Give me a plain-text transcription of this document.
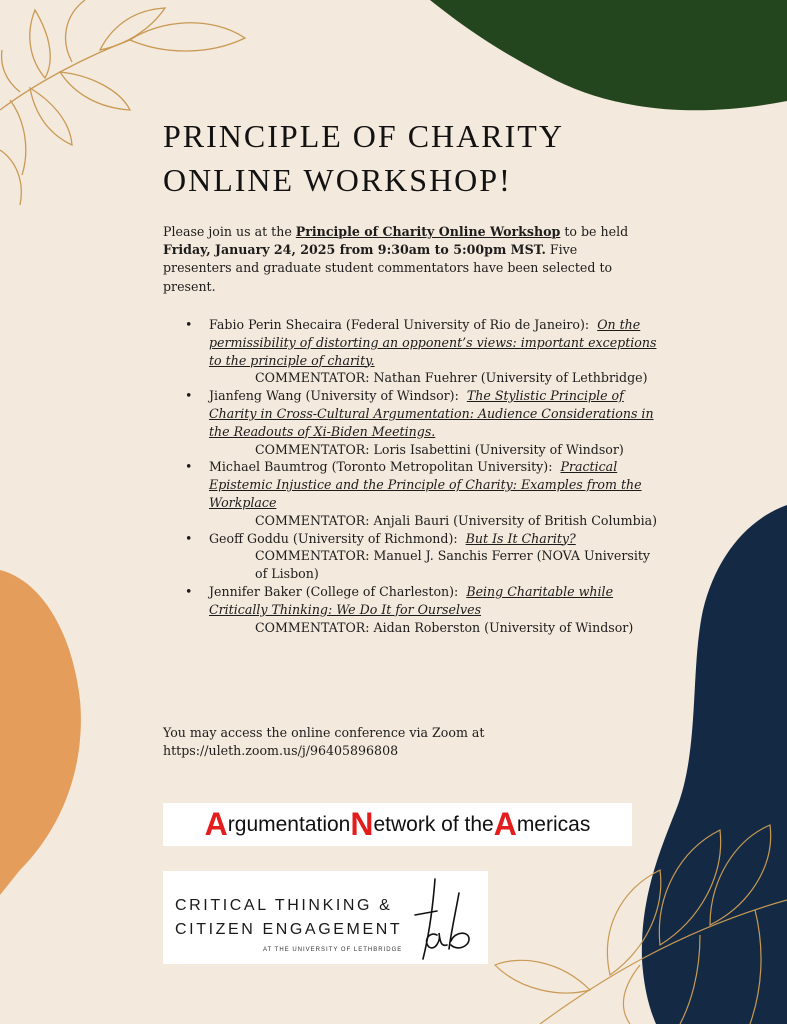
PRINCIPLE OF CHARITY
ONLINE WORKSHOP!

Please join us at the Principle of Charity Online Workshop to be held
Friday, January 24, 2025 from 9:30am to 5:00pm MST. Five presenters and graduate student commentators have been selected to present.

• Fabio Perin Shecaira (Federal University of Rio de Janeiro): On the permissibility of distorting an opponent’s views: important exceptions to the principle of charity.
COMMENTATOR: Nathan Fuehrer (University of Lethbridge)
• Jianfeng Wang (University of Windsor): The Stylistic Principle of Charity in Cross-Cultural Argumentation: Audience Considerations in the Readouts of Xi-Biden Meetings.
COMMENTATOR: Loris Isabettini (University of Windsor)
• Michael Baumtrog (Toronto Metropolitan University): Practical Epistemic Injustice and the Principle of Charity: Examples from the Workplace
COMMENTATOR: Anjali Bauri (University of British Columbia)
• Geoff Goddu (University of Richmond): But Is It Charity?
COMMENTATOR: Manuel J. Sanchis Ferrer (NOVA University of Lisbon)
• Jennifer Baker (College of Charleston): Being Charitable while Critically Thinking: We Do It for Ourselves
COMMENTATOR: Aidan Roberston (University of Windsor)

You may access the online conference via Zoom at
https://uleth.zoom.us/j/96405896808

A rgumentation N etwork of the A mericas
CRITICAL THINKING &
CITIZEN ENGAGEMENT
AT THE UNIVERSITY OF LETHBRIDGE
